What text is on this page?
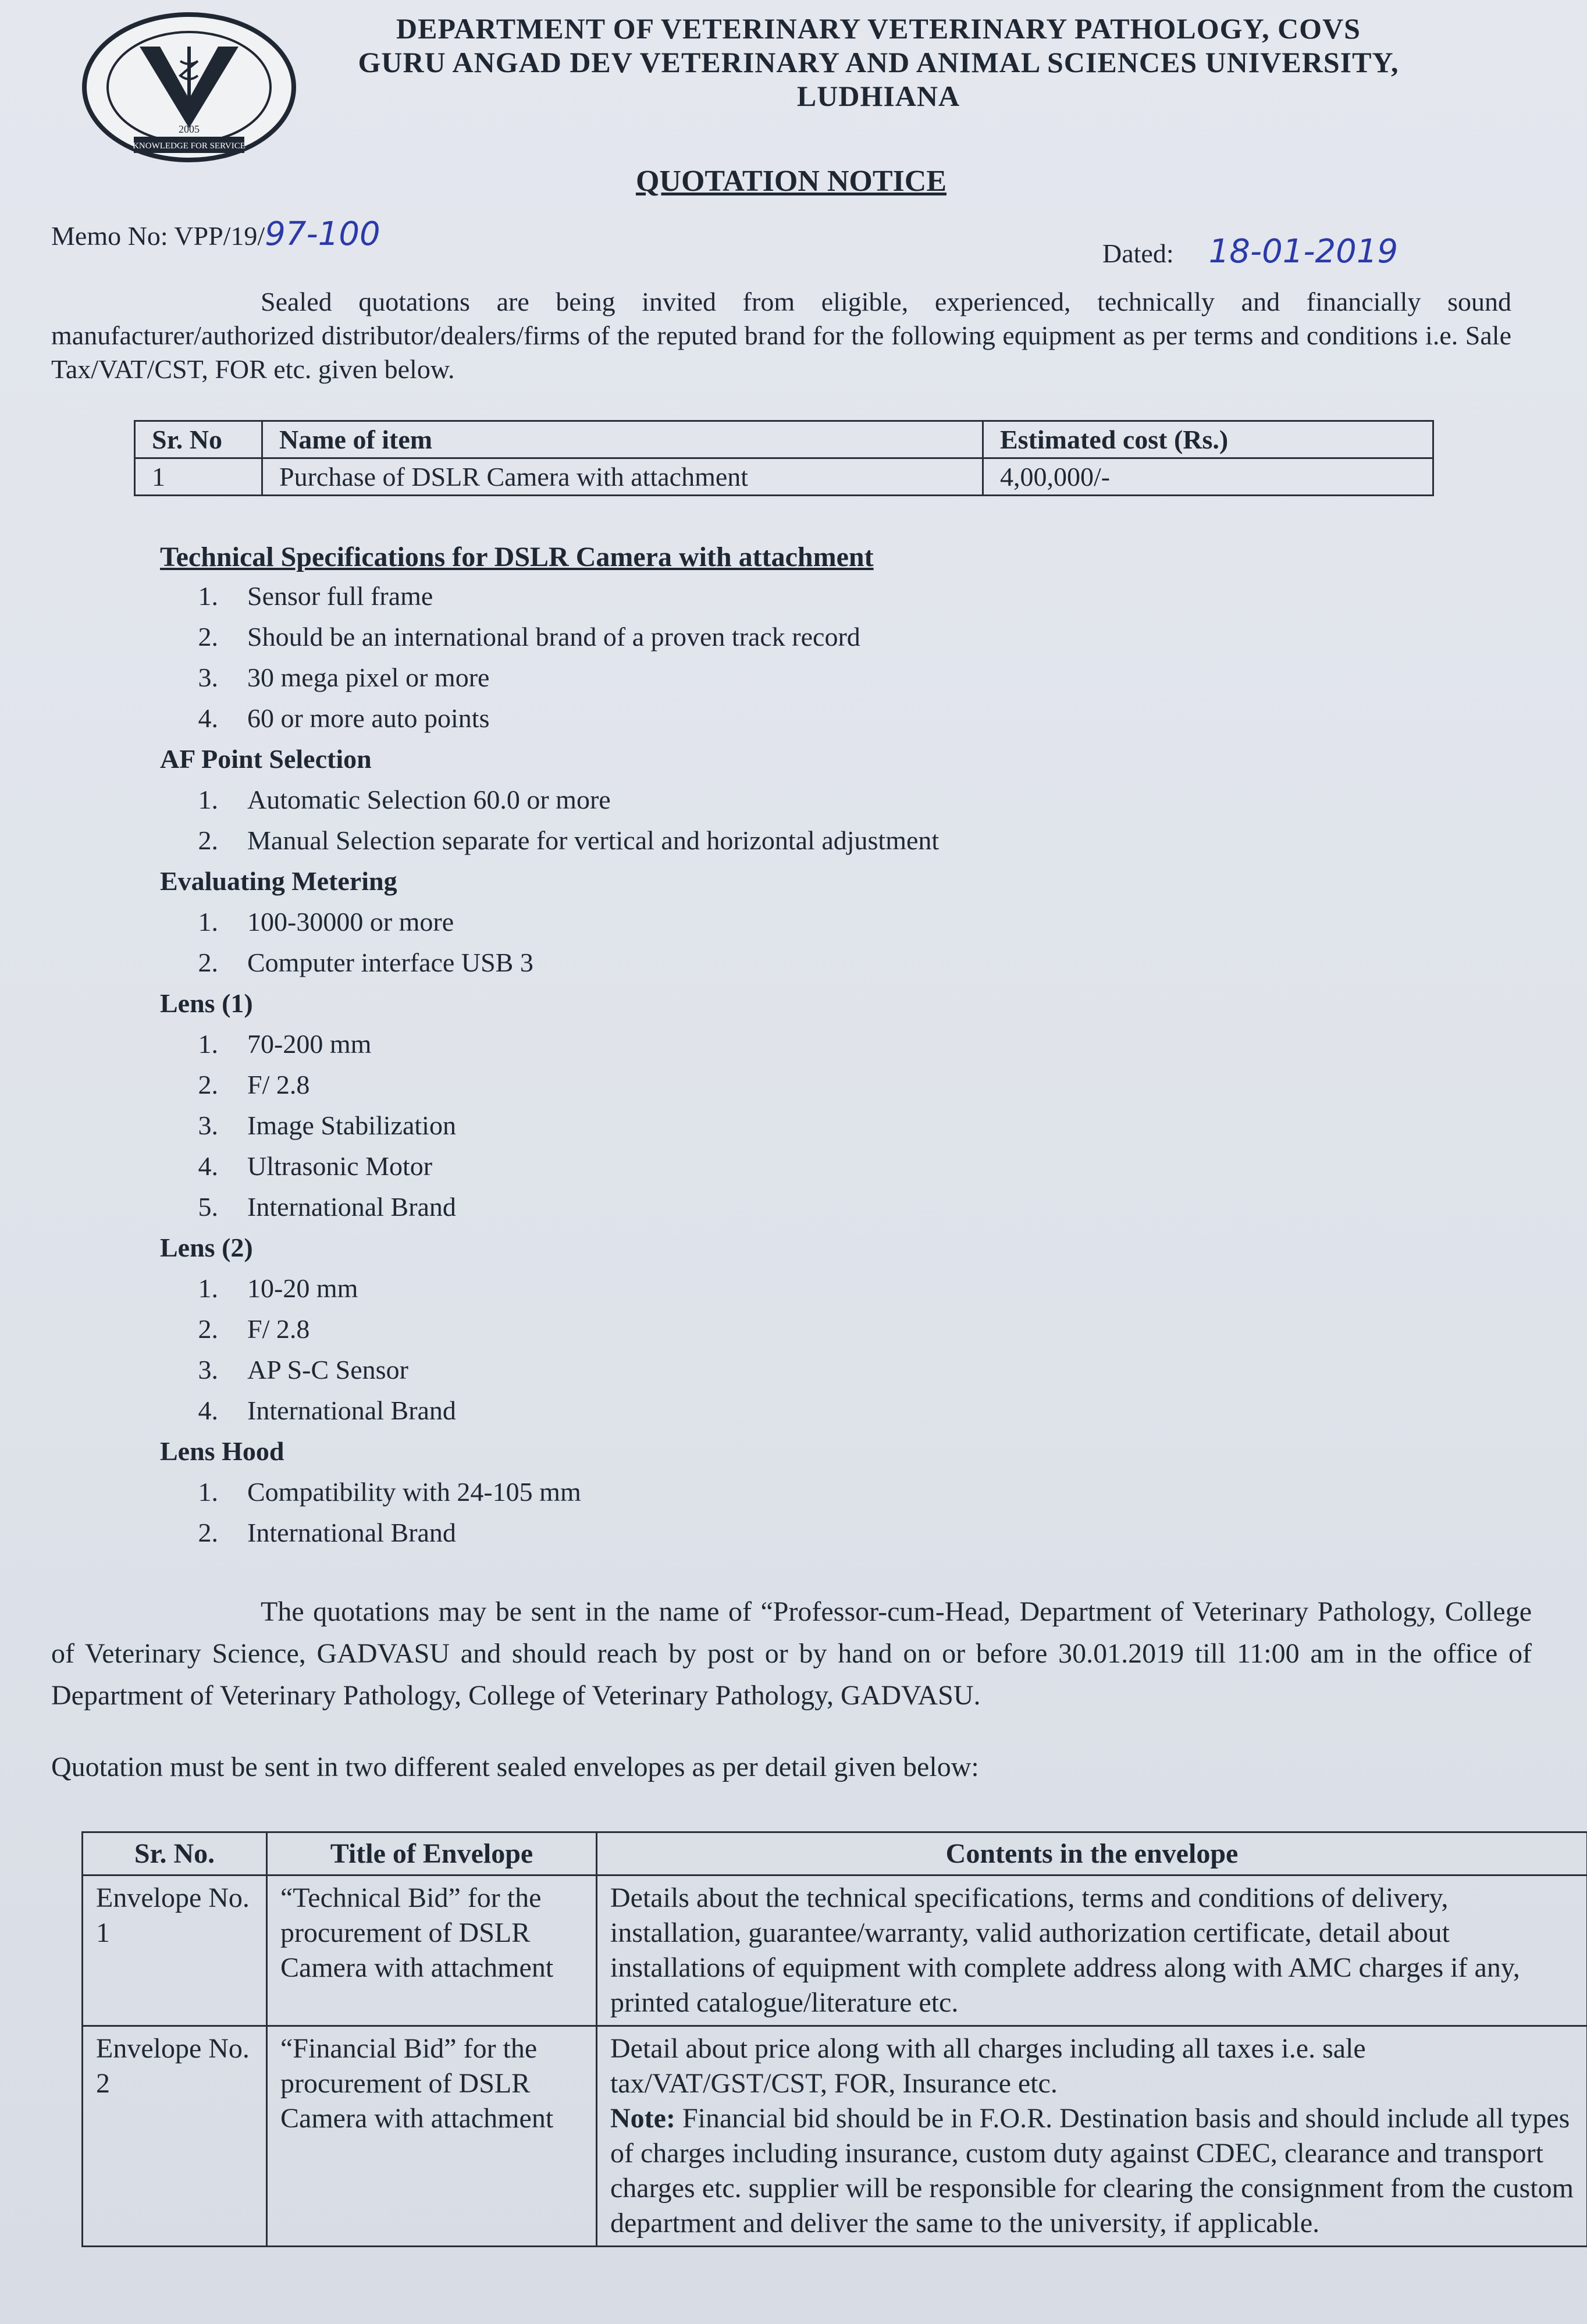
KNOWLEDGE FOR SERVICE
2005
DEPARTMENT OF VETERINARY VETERINARY PATHOLOGY, COVS
GURU ANGAD DEV VETERINARY AND ANIMAL SCIENCES UNIVERSITY,
LUDHIANA
QUOTATION NOTICE
Memo No: VPP/19/97-100
Dated: 18-01-2019
Sealed quotations are being invited from eligible, experienced, technically and financially sound manufacturer/authorized distributor/dealers/firms of the reputed brand for the following equipment as per terms and conditions i.e. Sale Tax/VAT/CST, FOR etc. given below.
Sr. No	Name of item	Estimated cost (Rs.)
1	Purchase of DSLR Camera with attachment	4,00,000/-
Technical Specifications for DSLR Camera with attachment
1. Sensor full frame
2. Should be an international brand of a proven track record
3. 30 mega pixel or more
4. 60 or more auto points
AF Point Selection
1. Automatic Selection 60.0 or more
2. Manual Selection separate for vertical and horizontal adjustment
Evaluating Metering
1. 100-30000 or more
2. Computer interface USB 3
Lens (1)
1. 70-200 mm
2. F/ 2.8
3. Image Stabilization
4. Ultrasonic Motor
5. International Brand
Lens (2)
1. 10-20 mm
2. F/ 2.8
3. AP S-C Sensor
4. International Brand
Lens Hood
1. Compatibility with 24-105 mm
2. International Brand
The quotations may be sent in the name of “Professor-cum-Head, Department of Veterinary Pathology, College of Veterinary Science, GADVASU and should reach by post or by hand on or before 30.01.2019 till 11:00 am in the office of Department of Veterinary Pathology, College of Veterinary Pathology, GADVASU.
Quotation must be sent in two different sealed envelopes as per detail given below:
Sr. No.	Title of Envelope	Contents in the envelope
Envelope No. 1	“Technical Bid” for the procurement of DSLR Camera with attachment	Details about the technical specifications, terms and conditions of delivery, installation, guarantee/warranty, valid authorization certificate, detail about installations of equipment with complete address along with AMC charges if any, printed catalogue/literature etc.
Envelope No. 2	“Financial Bid” for the procurement of DSLR Camera with attachment	Detail about price along with all charges including all taxes i.e. sale tax/VAT/GST/CST, FOR, Insurance etc.
Note: Financial bid should be in F.O.R. Destination basis and should include all types of charges including insurance, custom duty against CDEC, clearance and transport charges etc. supplier will be responsible for clearing the consignment from the custom department and deliver the same to the university, if applicable.
